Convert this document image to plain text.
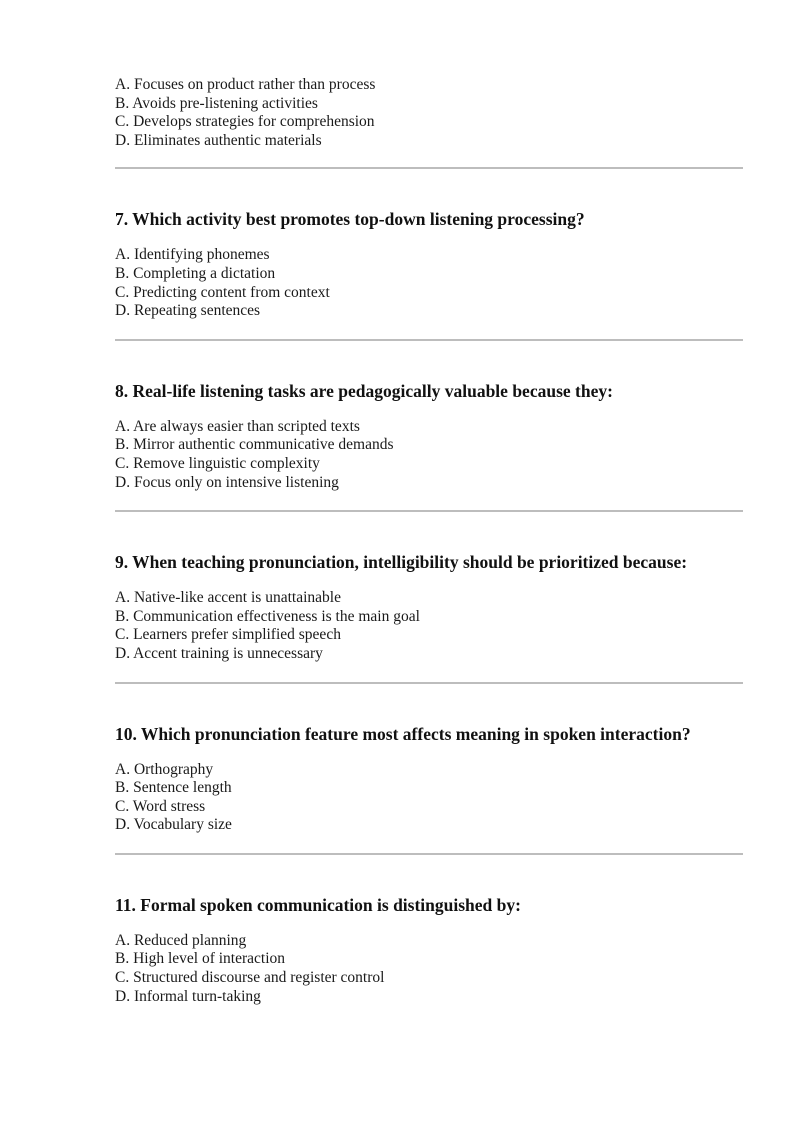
A. Focuses on product rather than process
B. Avoids pre-listening activities
C. Develops strategies for comprehension
D. Eliminates authentic materials
7. Which activity best promotes top-down listening processing?
A. Identifying phonemes
B. Completing a dictation
C. Predicting content from context
D. Repeating sentences
8. Real-life listening tasks are pedagogically valuable because they:
A. Are always easier than scripted texts
B. Mirror authentic communicative demands
C. Remove linguistic complexity
D. Focus only on intensive listening
9. When teaching pronunciation, intelligibility should be prioritized because:
A. Native-like accent is unattainable
B. Communication effectiveness is the main goal
C. Learners prefer simplified speech
D. Accent training is unnecessary
10. Which pronunciation feature most affects meaning in spoken interaction?
A. Orthography
B. Sentence length
C. Word stress
D. Vocabulary size
11. Formal spoken communication is distinguished by:
A. Reduced planning
B. High level of interaction
C. Structured discourse and register control
D. Informal turn-taking
